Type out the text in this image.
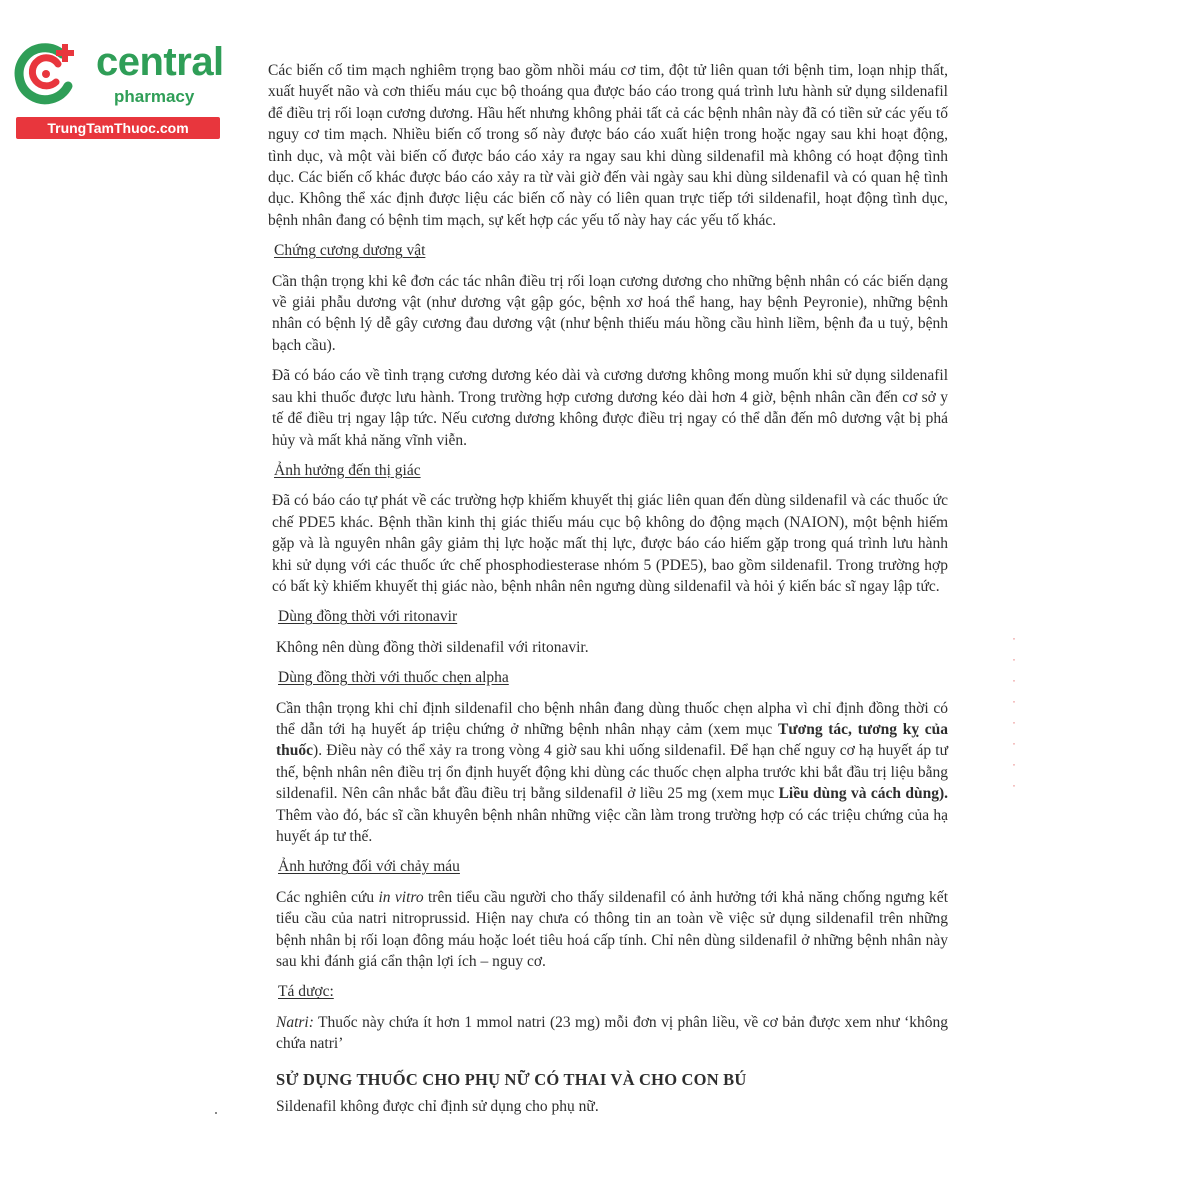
central
pharmacy
TrungTamThuoc.com

Các biến cố tim mạch nghiêm trọng bao gồm nhồi máu cơ tim, đột tử liên quan tới bệnh tim, loạn nhịp thất, xuất huyết não và cơn thiếu máu cục bộ thoáng qua được báo cáo trong quá trình lưu hành sử dụng sildenafil để điều trị rối loạn cương dương. Hầu hết nhưng không phải tất cả các bệnh nhân này đã có tiền sử các yếu tố nguy cơ tim mạch. Nhiều biến cố trong số này được báo cáo xuất hiện trong hoặc ngay sau khi hoạt động, tình dục, và một vài biến cố được báo cáo xảy ra ngay sau khi dùng sildenafil mà không có hoạt động tình dục. Các biến cố khác được báo cáo xảy ra từ vài giờ đến vài ngày sau khi dùng sildenafil và có quan hệ tình dục. Không thể xác định được liệu các biến cố này có liên quan trực tiếp tới sildenafil, hoạt động tình dục, bệnh nhân đang có bệnh tim mạch, sự kết hợp các yếu tố này hay các yếu tố khác.

Chứng cương dương vật

Cần thận trọng khi kê đơn các tác nhân điều trị rối loạn cương dương cho những bệnh nhân có các biến dạng về giải phẫu dương vật (như dương vật gập góc, bệnh xơ hoá thể hang, hay bệnh Peyronie), những bệnh nhân có bệnh lý dễ gây cương đau dương vật (như bệnh thiếu máu hồng cầu hình liềm, bệnh đa u tuỷ, bệnh bạch cầu).

Đã có báo cáo về tình trạng cương dương kéo dài và cương dương không mong muốn khi sử dụng sildenafil sau khi thuốc được lưu hành. Trong trường hợp cương dương kéo dài hơn 4 giờ, bệnh nhân cần đến cơ sở y tế để điều trị ngay lập tức. Nếu cương dương không được điều trị ngay có thể dẫn đến mô dương vật bị phá hủy và mất khả năng vĩnh viễn.

Ảnh hưởng đến thị giác

Đã có báo cáo tự phát về các trường hợp khiếm khuyết thị giác liên quan đến dùng sildenafil và các thuốc ức chế PDE5 khác. Bệnh thần kinh thị giác thiếu máu cục bộ không do động mạch (NAION), một bệnh hiếm gặp và là nguyên nhân gây giảm thị lực hoặc mất thị lực, được báo cáo hiếm gặp trong quá trình lưu hành khi sử dụng với các thuốc ức chế phosphodiesterase nhóm 5 (PDE5), bao gồm sildenafil. Trong trường hợp có bất kỳ khiếm khuyết thị giác nào, bệnh nhân nên ngưng dùng sildenafil và hỏi ý kiến bác sĩ ngay lập tức.

Dùng đồng thời với ritonavir

Không nên dùng đồng thời sildenafil với ritonavir.

Dùng đồng thời với thuốc chẹn alpha

Cần thận trọng khi chỉ định sildenafil cho bệnh nhân đang dùng thuốc chẹn alpha vì chỉ định đồng thời có thể dẫn tới hạ huyết áp triệu chứng ở những bệnh nhân nhạy cảm (xem mục Tương tác, tương kỵ của thuốc). Điều này có thể xảy ra trong vòng 4 giờ sau khi uống sildenafil. Để hạn chế nguy cơ hạ huyết áp tư thế, bệnh nhân nên điều trị ổn định huyết động khi dùng các thuốc chẹn alpha trước khi bắt đầu trị liệu bằng sildenafil. Nên cân nhắc bắt đầu điều trị bằng sildenafil ở liều 25 mg (xem mục Liều dùng và cách dùng). Thêm vào đó, bác sĩ cần khuyên bệnh nhân những việc cần làm trong trường hợp có các triệu chứng của hạ huyết áp tư thế.

Ảnh hưởng đối với chảy máu

Các nghiên cứu in vitro trên tiểu cầu người cho thấy sildenafil có ảnh hưởng tới khả năng chống ngưng kết tiểu cầu của natri nitroprussid. Hiện nay chưa có thông tin an toàn về việc sử dụng sildenafil trên những bệnh nhân bị rối loạn đông máu hoặc loét tiêu hoá cấp tính. Chỉ nên dùng sildenafil ở những bệnh nhân này sau khi đánh giá cẩn thận lợi ích – nguy cơ.

Tá dược:

Natri: Thuốc này chứa ít hơn 1 mmol natri (23 mg) mỗi đơn vị phân liều, về cơ bản được xem như ‘không chứa natri’

SỬ DỤNG THUỐC CHO PHỤ NỮ CÓ THAI VÀ CHO CON BÚ

Sildenafil không được chỉ định sử dụng cho phụ nữ.

·
·
·
·
·
·
·
·
